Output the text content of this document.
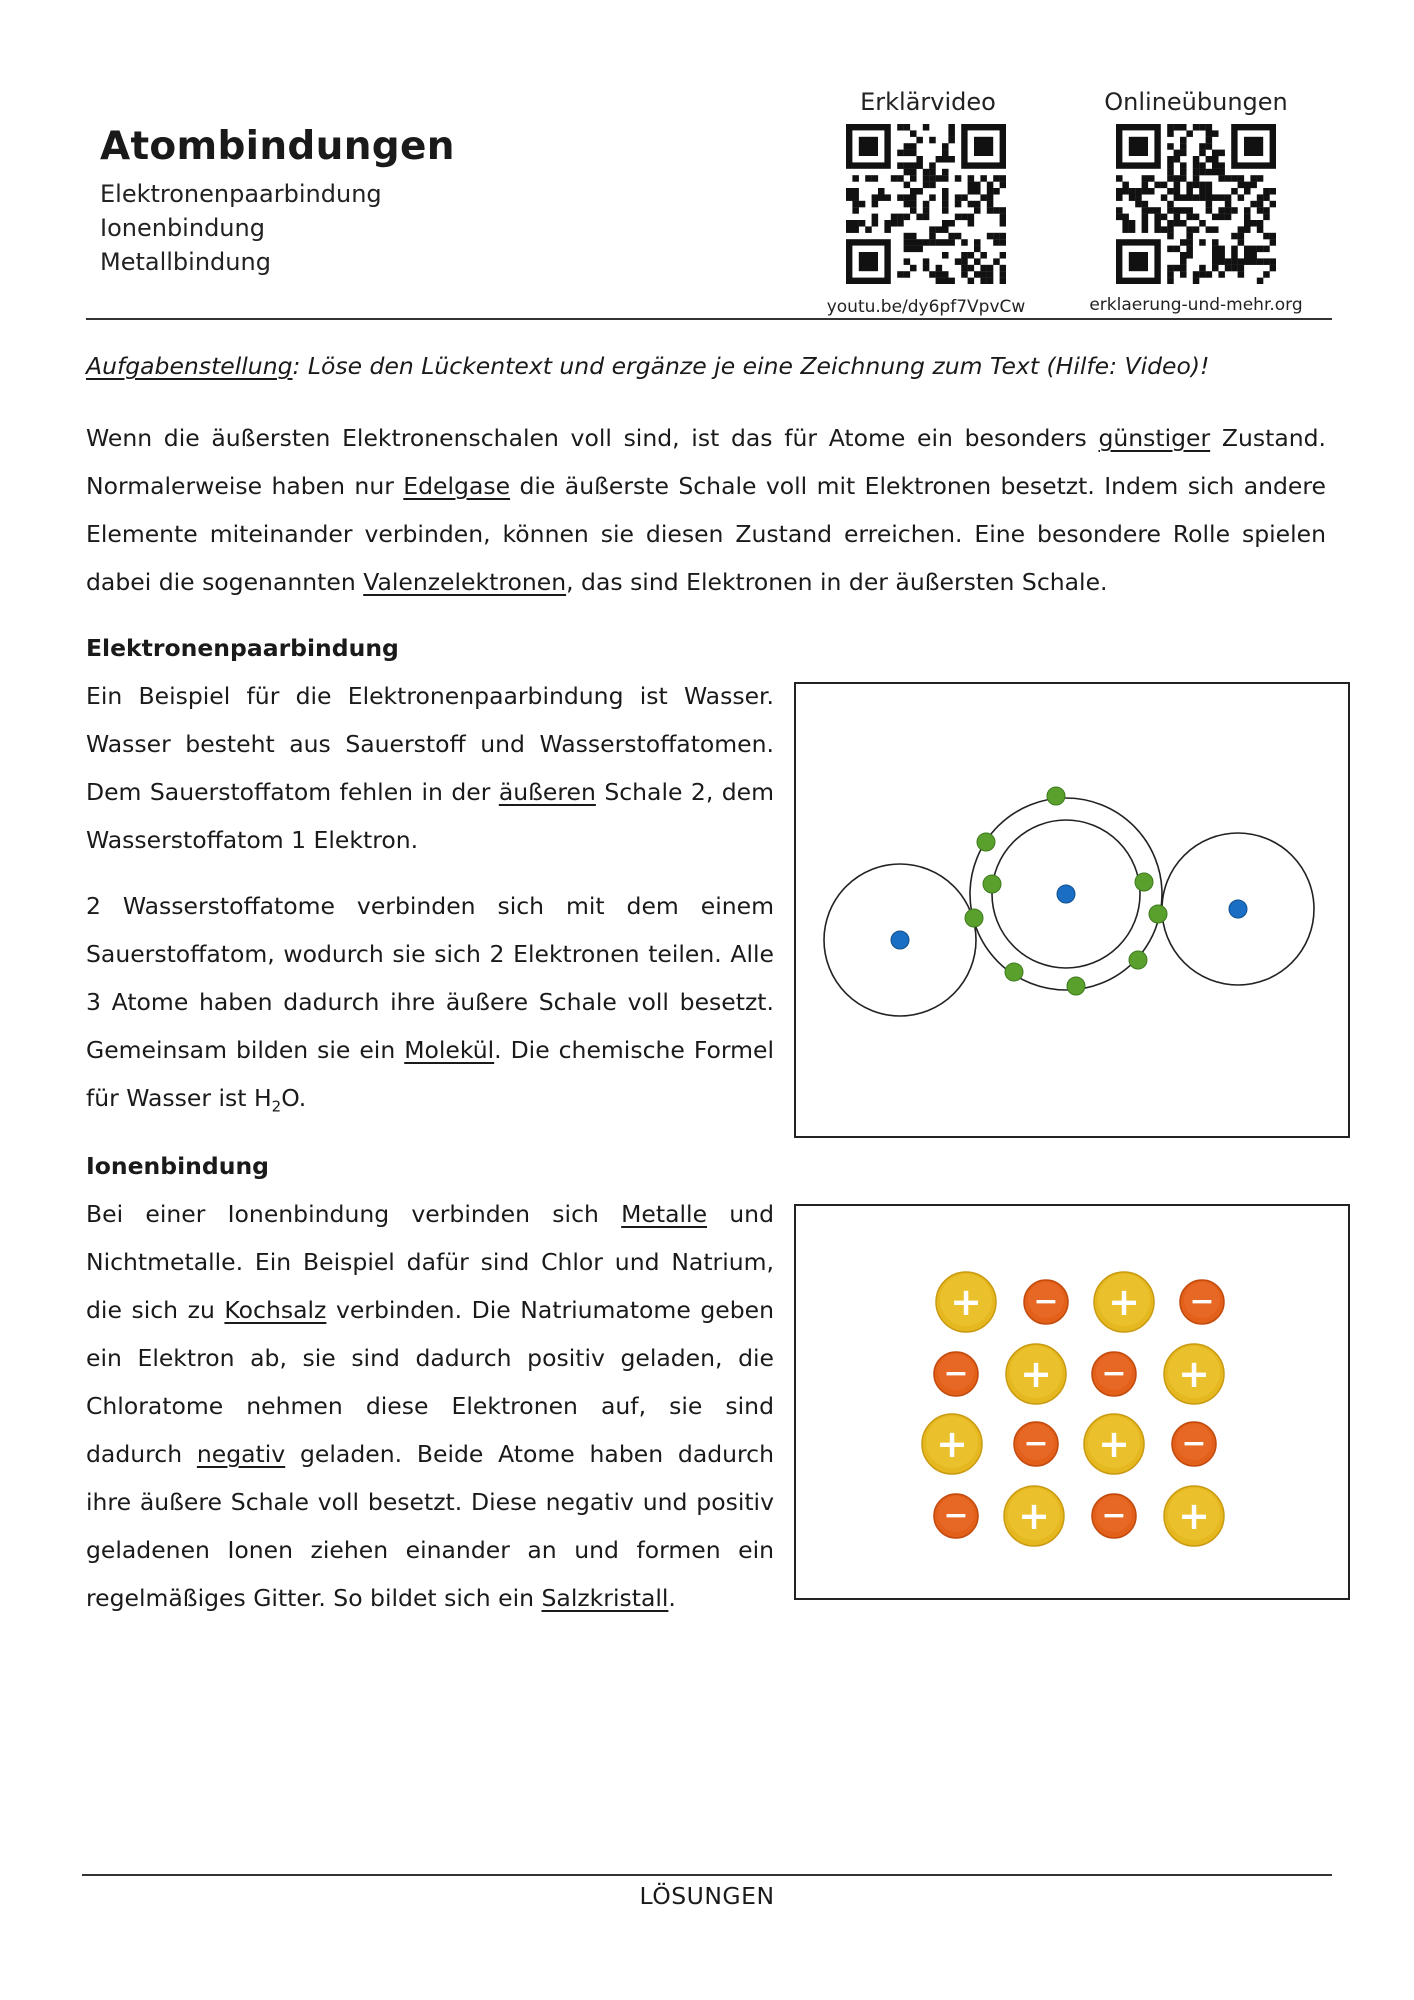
Atombindungen
Elektronenpaarbindung
Ionenbindung
Metallbindung
Erklärvideo
youtu.be/dy6pf7VpvCw
Onlineübungen
erklaerung-und-mehr.org
Aufgabenstellung: Löse den Lückentext und ergänze je eine Zeichnung zum Text (Hilfe: Video)!
Wenn die äußersten Elektronenschalen voll sind, ist das für Atome ein besonders günstiger Zustand. Normalerweise haben nur Edelgase die äußerste Schale voll mit Elektronen besetzt. Indem sich andere Elemente miteinander verbinden, können sie diesen Zustand erreichen. Eine besondere Rolle spielen dabei die sogenannten Valenzelektronen, das sind Elektronen in der äußersten Schale.
Elektronenpaarbindung
Ein Beispiel für die Elektronenpaarbindung ist Wasser. Wasser besteht aus Sauerstoff und Wasserstoffatomen. Dem Sauerstoffatom fehlen in der äußeren Schale 2, dem Wasserstoffatom 1 Elektron.
2 Wasserstoffatome verbinden sich mit dem einem Sauerstoffatom, wodurch sie sich 2 Elektronen teilen. Alle 3 Atome haben dadurch ihre äußere Schale voll besetzt. Gemeinsam bilden sie ein Molekül. Die chemische Formel für Wasser ist $H_2O$.
Ionenbindung
Bei einer Ionenbindung verbinden sich Metalle und Nichtmetalle. Ein Beispiel dafür sind Chlor und Natrium, die sich zu Kochsalz verbinden. Die Natriumatome geben ein Elektron ab, sie sind dadurch positiv geladen, die Chloratome nehmen diese Elektronen auf, sie sind dadurch negativ geladen. Beide Atome haben dadurch ihre äußere Schale voll besetzt. Diese negativ und positiv geladenen Ionen ziehen einander an und formen ein regelmäßiges Gitter. So bildet sich ein Salzkristall.
+ − + −
− + − +
+ − + −
− + − +
LÖSUNGEN
